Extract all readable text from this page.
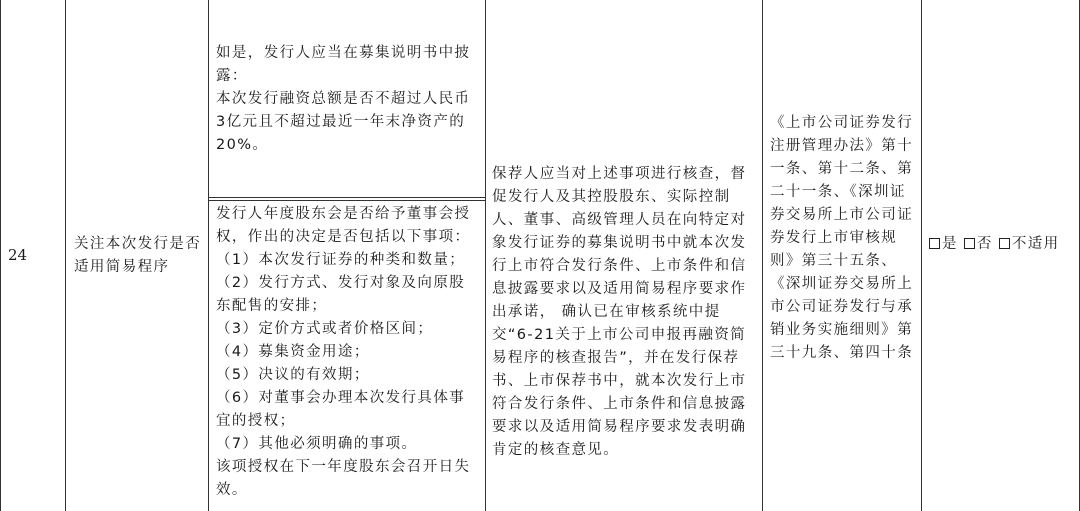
24
关注本次发行是否适用简易程序

如是，发行人应当在募集说明书中披露：

本次发行融资总额是否不超过人民币3亿元且不超过最近一年末净资产的20%。

发行人年度股东会是否给予董事会授权，作出的决定是否包括以下事项：

（1）本次发行证券的种类和数量；

（2）发行方式、发行对象及向原股东配售的安排；

（3）定价方式或者价格区间；

（4）募集资金用途；

（5）决议的有效期；

（6）对董事会办理本次发行具体事宜的授权；

（7）其他必须明确的事项。

该项授权在下一年度股东会召开日失效。

保荐人应当对上述事项进行核查，督促发行人及其控股股东、实际控制人、董事、高级管理人员在向特定对象发行证券的募集说明书中就本次发行上市符合发行条件、上市条件和信息披露要求以及适用简易程序要求作出承诺， 确认已在审核系统中提交“6-21关于上市公司申报再融资简易程序的核查报告”，并在发行保荐书、上市保荐书中，就本次发行上市符合发行条件、上市条件和信息披露要求以及适用简易程序要求发表明确肯定的核查意见。
《上市公司证券发行注册管理办法》第十一条、第十二条、第二十一条、《深圳证券交易所上市公司证券发行上市审核规则》第三十五条、《深圳证券交易所上市公司证券发行与承销业务实施细则》第三十九条、第四十条
是 否 不适用
